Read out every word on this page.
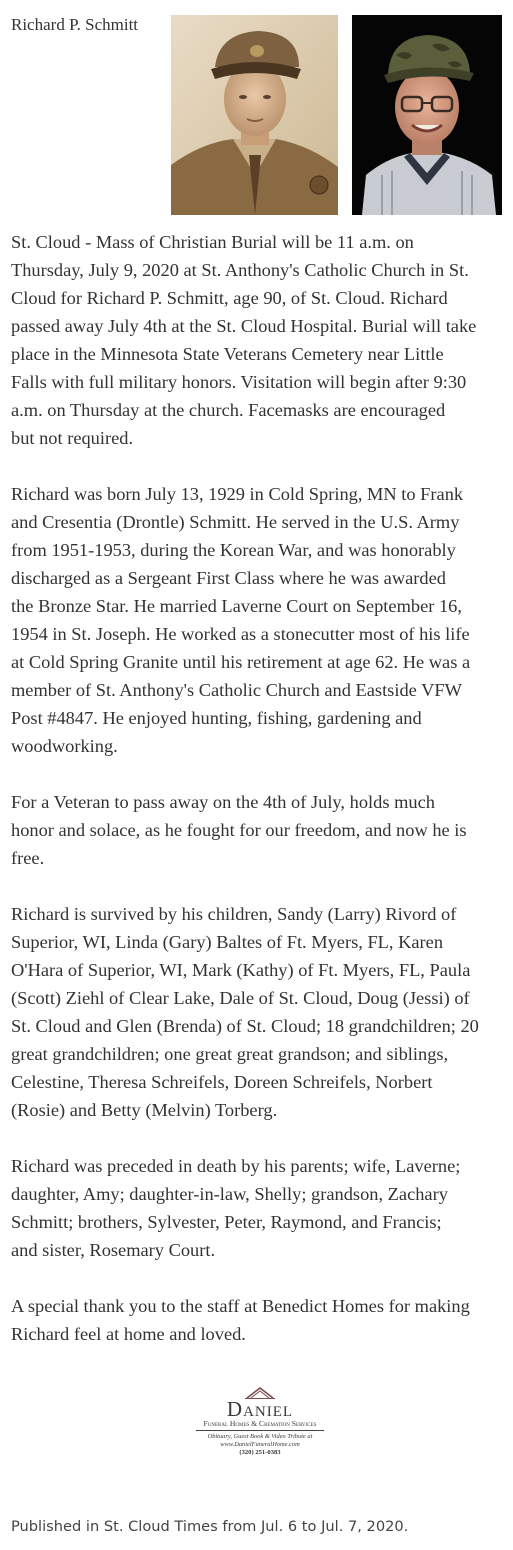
Richard P. Schmitt

St. Cloud - Mass of Christian Burial will be 11 a.m. on
Thursday, July 9, 2020 at St. Anthony's Catholic Church in St.
Cloud for Richard P. Schmitt, age 90, of St. Cloud. Richard
passed away July 4th at the St. Cloud Hospital. Burial will take
place in the Minnesota State Veterans Cemetery near Little
Falls with full military honors. Visitation will begin after 9:30
a.m. on Thursday at the church. Facemasks are encouraged
but not required.

Richard was born July 13, 1929 in Cold Spring, MN to Frank
and Cresentia (Drontle) Schmitt. He served in the U.S. Army
from 1951-1953, during the Korean War, and was honorably
discharged as a Sergeant First Class where he was awarded
the Bronze Star. He married Laverne Court on September 16,
1954 in St. Joseph. He worked as a stonecutter most of his life
at Cold Spring Granite until his retirement at age 62. He was a
member of St. Anthony's Catholic Church and Eastside VFW
Post #4847. He enjoyed hunting, fishing, gardening and
woodworking.

For a Veteran to pass away on the 4th of July, holds much
honor and solace, as he fought for our freedom, and now he is
free.

Richard is survived by his children, Sandy (Larry) Rivord of
Superior, WI, Linda (Gary) Baltes of Ft. Myers, FL, Karen
O'Hara of Superior, WI, Mark (Kathy) of Ft. Myers, FL, Paula
(Scott) Ziehl of Clear Lake, Dale of St. Cloud, Doug (Jessi) of
St. Cloud and Glen (Brenda) of St. Cloud; 18 grandchildren; 20
great grandchildren; one great great grandson; and siblings,
Celestine, Theresa Schreifels, Doreen Schreifels, Norbert
(Rosie) and Betty (Melvin) Torberg.

Richard was preceded in death by his parents; wife, Laverne;
daughter, Amy; daughter-in-law, Shelly; grandson, Zachary
Schmitt; brothers, Sylvester, Peter, Raymond, and Francis;
and sister, Rosemary Court.

A special thank you to the staff at Benedict Homes for making
Richard feel at home and loved.

Daniel
Funeral Homes & Cremation Services
Obituary, Guest Book & Video Tribute at
www.DanielFuneralHome.com
(320) 251-0383
Published in St. Cloud Times from Jul. 6 to Jul. 7, 2020.
